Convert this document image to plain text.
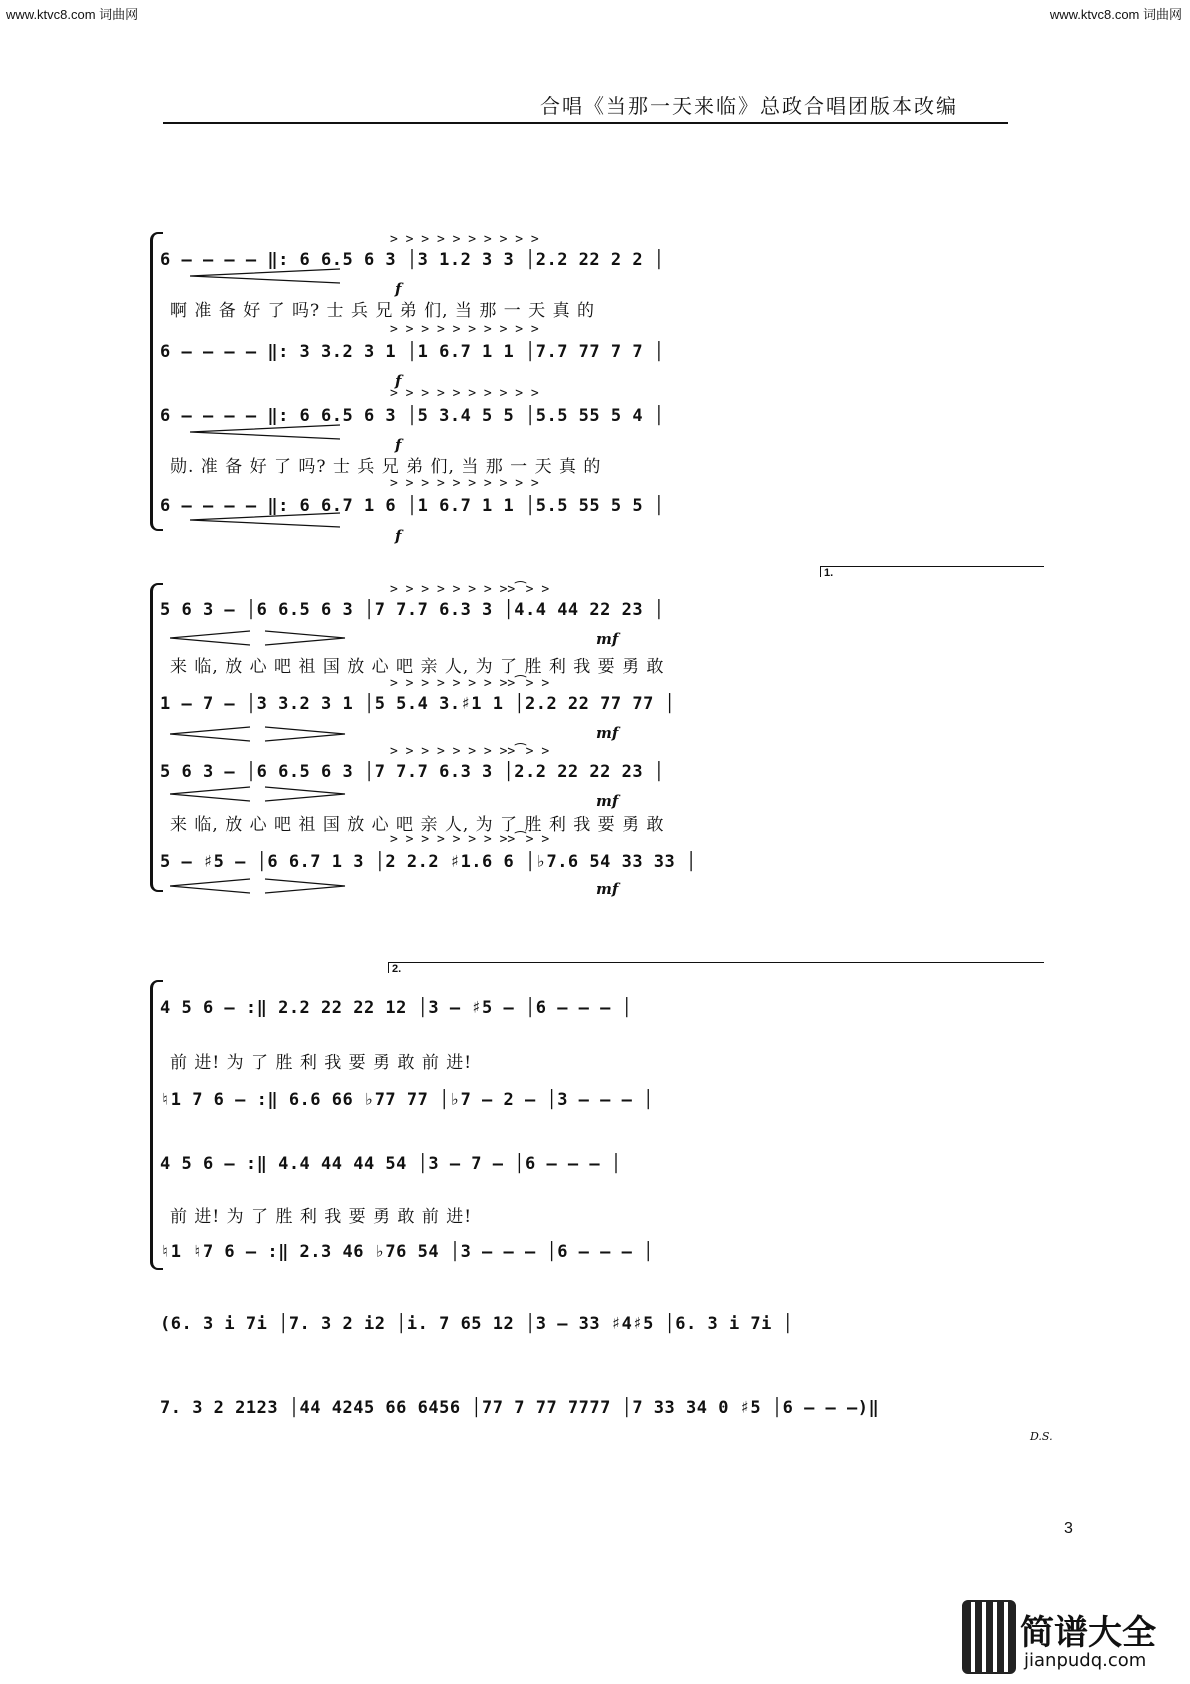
www.ktvc8.com 词曲网	www.ktvc8.com 词曲网
合唱《当那一天来临》总政合唱团版本改编
> > > > > > > > > >
6 – – – – ‖: 6 6.5 6 3 │3 1.2 3 3 │2.2 22 2 2 │
f
啊 准 备 好 了 吗? 士 兵 兄 弟 们, 当 那 一 天 真 的
> > > > > > > > > >
6 – – – – ‖: 3 3.2 3 1 │1 6.7 1 1 │7.7 77 7 7 │
f
> > > > > > > > > >
6 – – – – ‖: 6 6.5 6 3 │5 3.4 5 5 │5.5 55 5 4 │
f
勋. 准 备 好 了 吗? 士 兵 兄 弟 们, 当 那 一 天 真 的
> > > > > > > > > >
6 – – – – ‖: 6 6.7 1 6 │1 6.7 1 1 │5.5 55 5 5 │
f
1.
> > > > > > > >>⁀> >
5 6 3 – │6 6.5 6 3 │7 7.7 6.3 3 │4.4 44 22 23 │
mf
来 临, 放 心 吧 祖 国 放 心 吧 亲 人, 为 了 胜 利 我 要 勇 敢
> > > > > > > >>⁀> >
1 – 7 – │3 3.2 3 1 │5 5.4 3.♯1 1 │2.2 22 77 77 │
mf
> > > > > > > >>⁀> >
5 6 3 – │6 6.5 6 3 │7 7.7 6.3 3 │2.2 22 22 23 │
mf
来 临, 放 心 吧 祖 国 放 心 吧 亲 人, 为 了 胜 利 我 要 勇 敢
> > > > > > > >>⁀> >
5 – ♯5 – │6 6.7 1 3 │2 2.2 ♯1.6 6 │♭7.6 54 33 33 │
mf
2.
4 5 6 – :‖ 2.2 22 22 12 │3 – ♯5 – │6 – – – │
前 进! 为 了 胜 利 我 要 勇 敢 前 进!
♮1 7 6 – :‖ 6.6 66 ♭77 77 │♭7 – 2 – │3 – – – │
4 5 6 – :‖ 4.4 44 44 54 │3 – 7 – │6 – – – │
前 进! 为 了 胜 利 我 要 勇 敢 前 进!
♮1 ♮7 6 – :‖ 2.3 46 ♭76 54 │3 – – – │6 – – – │
(6. 3 i 7i │7. 3 2 i2 │i. 7 65 12 │3 – 33 ♯4♯5 │6. 3 i 7i │
7. 3 2 2123 │44 4245 66 6456 │77 7 77 7777 │7 33 34 0 ♯5 │6 – – –)‖
D.S.
3
简谱大全
jianpudq.com
